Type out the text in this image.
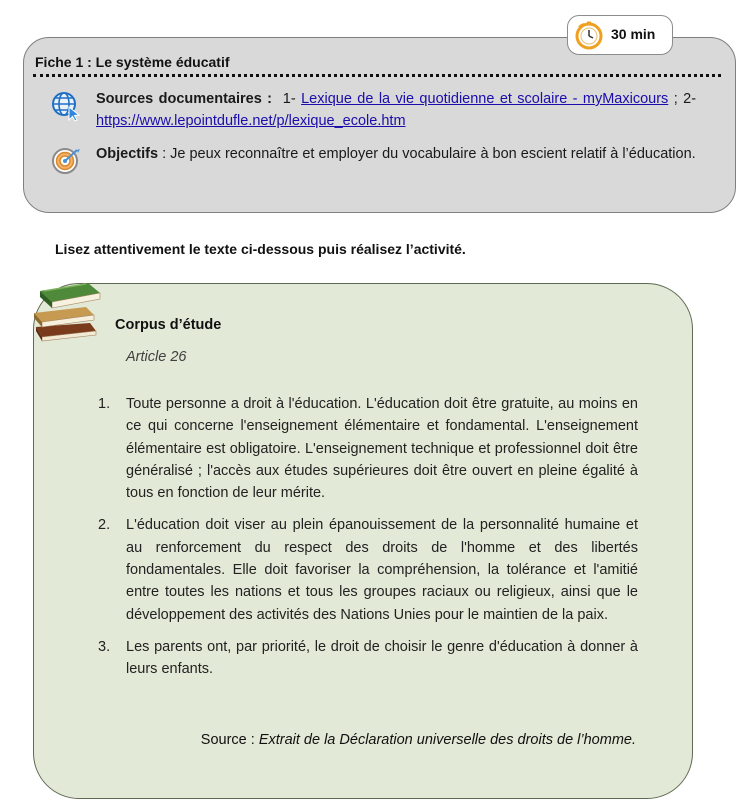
Fiche 1 : Le système éducatif
30 min
Sources documentaires : 1- Lexique de la vie quotidienne et scolaire - myMaxicours ; 2- https://www.lepointdufle.net/p/lexique_ecole.htm
Objectifs : Je peux reconnaître et employer du vocabulaire à bon escient relatif à l’éducation.
Lisez attentivement le texte ci-dessous puis réalisez l’activité.
Corpus d’étude
Article 26
1. Toute personne a droit à l'éducation. L'éducation doit être gratuite, au moins en ce qui concerne l'enseignement élémentaire et fondamental. L'enseignement élémentaire est obligatoire. L'enseignement technique et professionnel doit être généralisé ; l'accès aux études supérieures doit être ouvert en pleine égalité à tous en fonction de leur mérite.
2. L'éducation doit viser au plein épanouissement de la personnalité humaine et au renforcement du respect des droits de l'homme et des libertés fondamentales. Elle doit favoriser la compréhension, la tolérance et l'amitié entre toutes les nations et tous les groupes raciaux ou religieux, ainsi que le développement des activités des Nations Unies pour le maintien de la paix.
3. Les parents ont, par priorité, le droit de choisir le genre d'éducation à donner à leurs enfants.
Source : Extrait de la Déclaration universelle des droits de l’homme.
